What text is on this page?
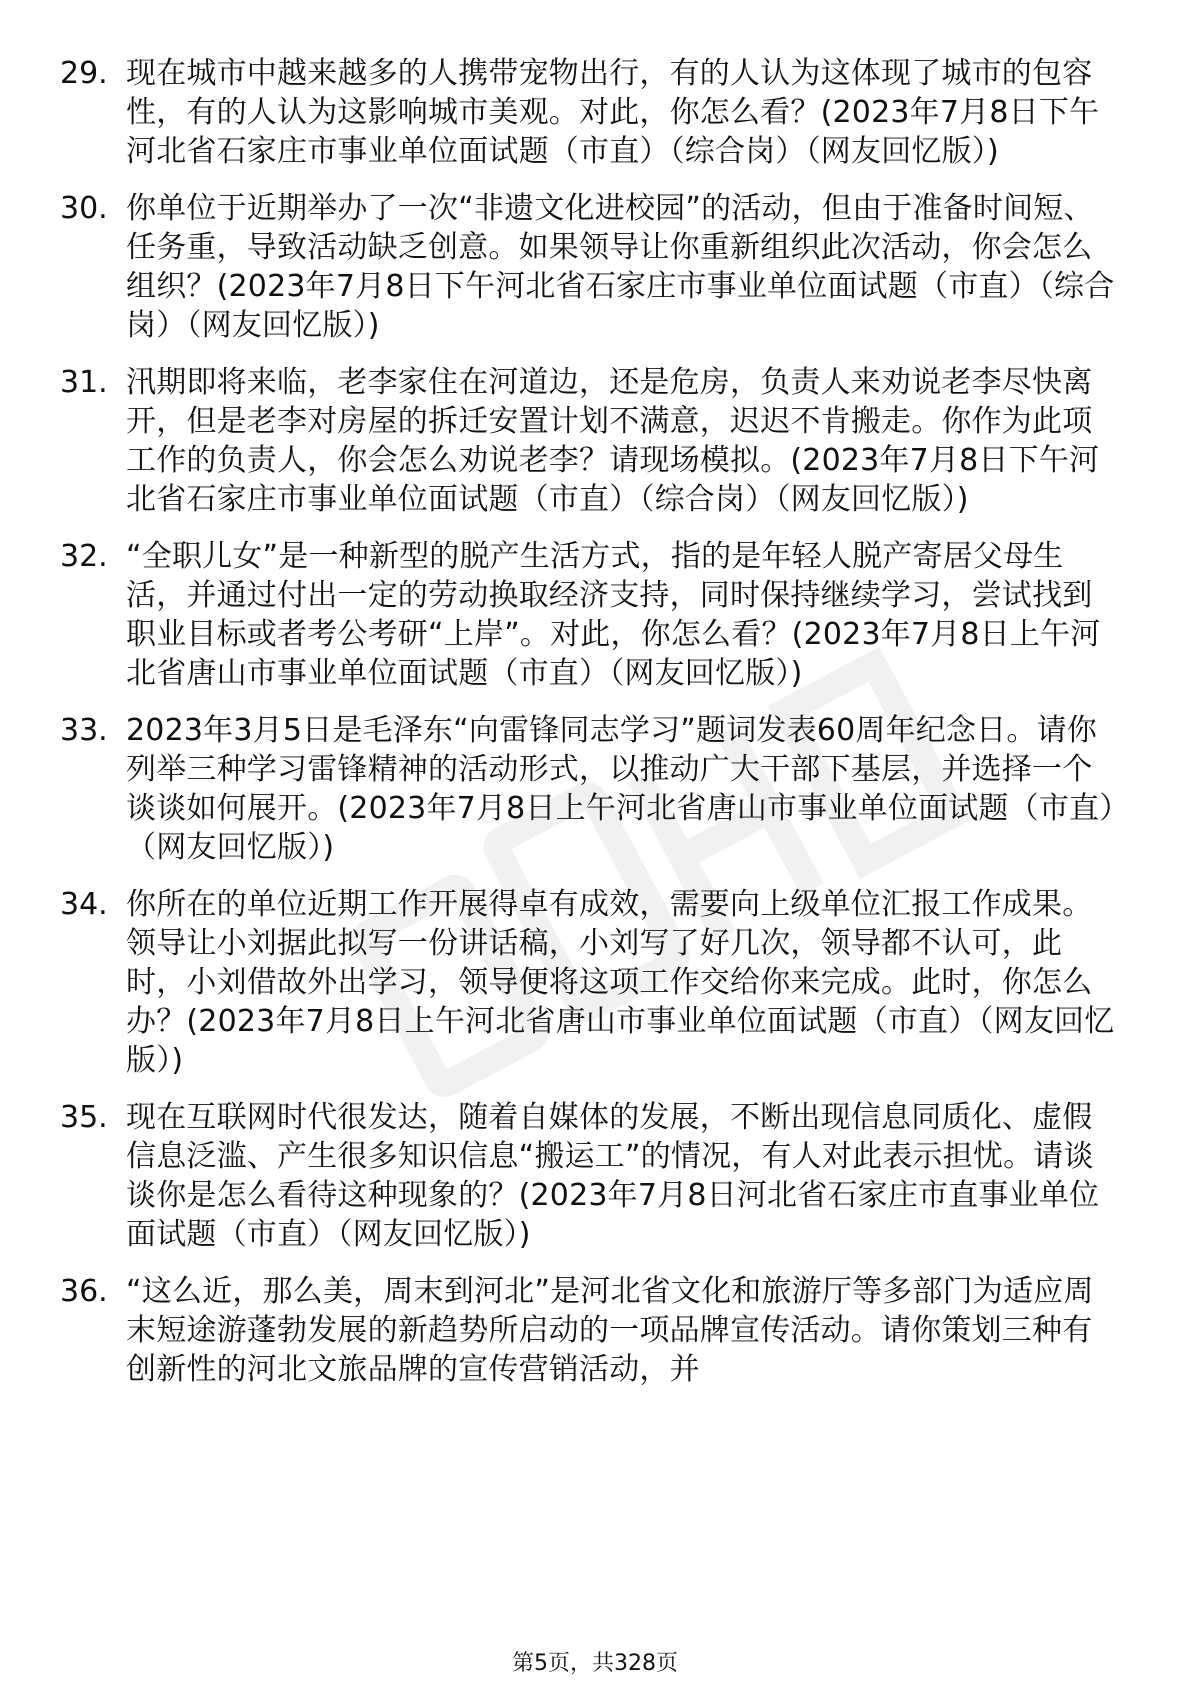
29. 现在城市中越来越多的人携带宠物出行，有的人认为这体现了城市的包容性，有的人认为这影响城市美观。对此，你怎么看？(2023年7月8日下午河北省石家庄市事业单位面试题（市直）（综合岗）（网友回忆版）)
30. 你单位于近期举办了一次“非遗文化进校园”的活动，但由于准备时间短、任务重，导致活动缺乏创意。如果领导让你重新组织此次活动，你会怎么组织？(2023年7月8日下午河北省石家庄市事业单位面试题（市直）（综合岗）（网友回忆版）)
31. 汛期即将来临，老李家住在河道边，还是危房，负责人来劝说老李尽快离开，但是老李对房屋的拆迁安置计划不满意，迟迟不肯搬走。你作为此项工作的负责人，你会怎么劝说老李？请现场模拟。(2023年7月8日下午河北省石家庄市事业单位面试题（市直）（综合岗）（网友回忆版）)
32. “全职儿女”是一种新型的脱产生活方式，指的是年轻人脱产寄居父母生活，并通过付出一定的劳动换取经济支持，同时保持继续学习，尝试找到职业目标或者考公考研“上岸”。对此，你怎么看？(2023年7月8日上午河北省唐山市事业单位面试题（市直）（网友回忆版）)
33. 2023年3月5日是毛泽东“向雷锋同志学习”题词发表60周年纪念日。请你列举三种学习雷锋精神的活动形式，以推动广大干部下基层，并选择一个谈谈如何展开。(2023年7月8日上午河北省唐山市事业单位面试题（市直）（网友回忆版）)
34. 你所在的单位近期工作开展得卓有成效，需要向上级单位汇报工作成果。领导让小刘据此拟写一份讲话稿，小刘写了好几次，领导都不认可，此时，小刘借故外出学习，领导便将这项工作交给你来完成。此时，你怎么办？(2023年7月8日上午河北省唐山市事业单位面试题（市直）（网友回忆版）)
35. 现在互联网时代很发达，随着自媒体的发展，不断出现信息同质化、虚假信息泛滥、产生很多知识信息“搬运工”的情况，有人对此表示担忧。请谈谈你是怎么看待这种现象的？(2023年7月8日河北省石家庄市直事业单位面试题（市直）（网友回忆版）)
36. “这么近，那么美，周末到河北”是河北省文化和旅游厅等多部门为适应周末短途游蓬勃发展的新趋势所启动的一项品牌宣传活动。请你策划三种有创新性的河北文旅品牌的宣传营销活动，并
第5页，共328页
